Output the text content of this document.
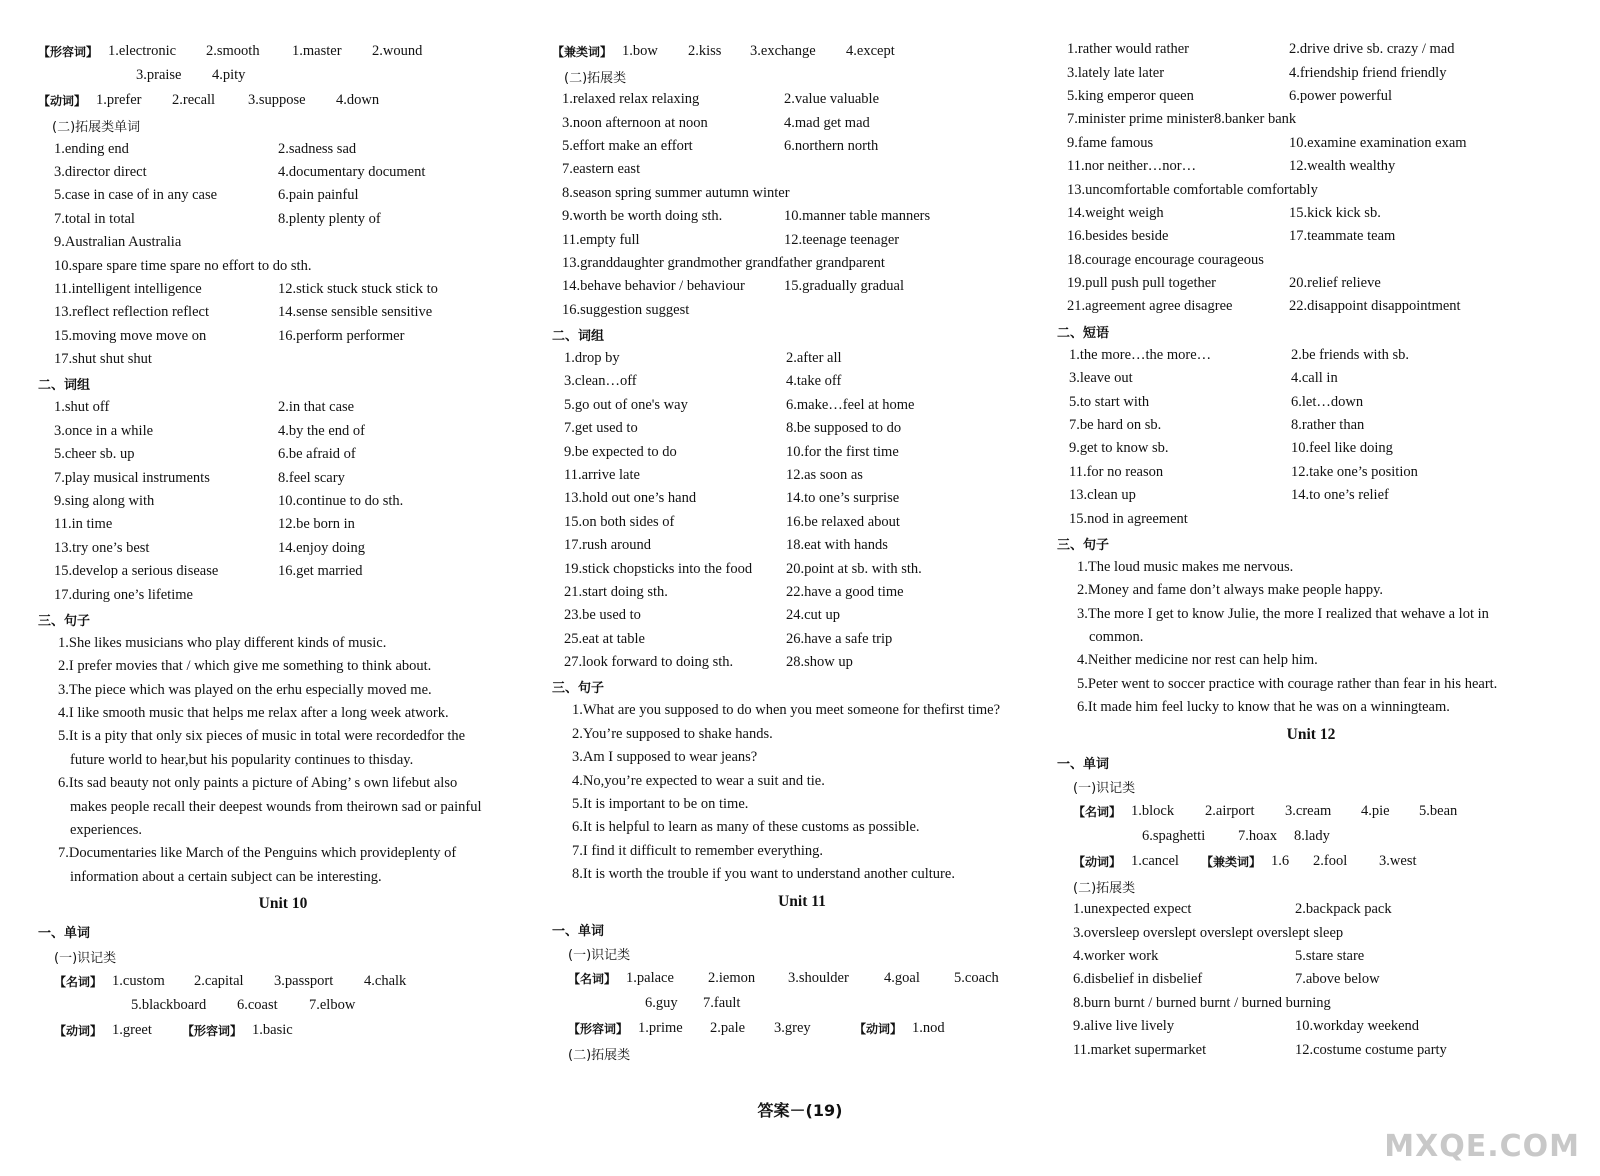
【形容词】 1.electronic	2.smooth	1.master	2.wound
3.praise	4.pity
【动词】 1.prefer	2.recall	3.suppose	4.down
(二)拓展类单词
1.ending end	2.sadness sad
3.director direct	4.documentary document
5.case in case of in any case	6.pain painful
7.total in total	8.plenty plenty of
9.Australian Australia
10.spare spare time spare no effort to do sth.
11.intelligent intelligence	12.stick stuck stuck stick to
13.reflect reflection reflect	14.sense sensible sensitive
15.moving move move on	16.perform performer
17.shut shut shut
二、词组
1.shut off	2.in that case
3.once in a while	4.by the end of
5.cheer sb. up	6.be afraid of
7.play musical instruments	8.feel scary
9.sing along with	10.continue to do sth.
11.in time	12.be born in
13.try one’s best	14.enjoy doing
15.develop a serious disease	16.get married
17.during one’s lifetime
三、句子
1.She likes musicians who play different kinds of music.
2.I prefer movies that / which give me something to think about.
3.The piece which was played on the erhu especially moved me.
4.I like smooth music that helps me relax after a long week atwork.
5.It is a pity that only six pieces of music in total were recordedfor the
future world to hear,but his popularity continues to thisday.
6.Its sad beauty not only paints a picture of Abing’ s own lifebut also
makes people recall their deepest wounds from theirown sad or painful
experiences.
7.Documentaries like March of the Penguins which provideplenty of
information about a certain subject can be interesting.
Unit 10
一、单词
(一)识记类
【名词】 1.custom	2.capital	3.passport	4.chalk
5.blackboard	6.coast	7.elbow
【动词】 1.greet	【形容词】 1.basic
【兼类词】 1.bow	2.kiss	3.exchange	4.except
(二)拓展类
1.relaxed relax relaxing	2.value valuable
3.noon afternoon at noon	4.mad get mad
5.effort make an effort	6.northern north
7.eastern east
8.season spring summer autumn winter
9.worth be worth doing sth.	10.manner table manners
11.empty full	12.teenage teenager
13.granddaughter grandmother grandfather grandparent
14.behave behavior / behaviour	15.gradually gradual
16.suggestion suggest
二、词组
1.drop by	2.after all
3.clean…off	4.take off
5.go out of one's way	6.make…feel at home
7.get used to	8.be supposed to do
9.be expected to do	10.for the first time
11.arrive late	12.as soon as
13.hold out one’s hand	14.to one’s surprise
15.on both sides of	16.be relaxed about
17.rush around	18.eat with hands
19.stick chopsticks into the food	20.point at sb. with sth.
21.start doing sth.	22.have a good time
23.be used to	24.cut up
25.eat at table	26.have a safe trip
27.look forward to doing sth.	28.show up
三、句子
1.What are you supposed to do when you meet someone for thefirst time?
2.You’re supposed to shake hands.
3.Am I supposed to wear jeans?
4.No,you’re expected to wear a suit and tie.
5.It is important to be on time.
6.It is helpful to learn as many of these customs as possible.
7.I find it difficult to remember everything.
8.It is worth the trouble if you want to understand another culture.
Unit 11
一、单词
(一)识记类
【名词】 1.palace	2.iemon	3.shoulder	4.goal	5.coach
6.guy	7.fault
【形容词】 1.prime	2.pale	3.grey	【动词】 1.nod
(二)拓展类
1.rather would rather	2.drive drive sb. crazy / mad
3.lately late later	4.friendship friend friendly
5.king emperor queen	6.power powerful
7.minister prime minister8.banker bank
9.fame famous	10.examine examination exam
11.nor neither…nor…	12.wealth wealthy
13.uncomfortable comfortable comfortably
14.weight weigh	15.kick kick sb.
16.besides beside	17.teammate team
18.courage encourage courageous
19.pull push pull together	20.relief relieve
21.agreement agree disagree	22.disappoint disappointment
二、短语
1.the more…the more…	2.be friends with sb.
3.leave out	4.call in
5.to start with	6.let…down
7.be hard on sb.	8.rather than
9.get to know sb.	10.feel like doing
11.for no reason	12.take one’s position
13.clean up	14.to one’s relief
15.nod in agreement
三、句子
1.The loud music makes me nervous.
2.Money and fame don’t always make people happy.
3.The more I get to know Julie, the more I realized that wehave a lot in
common.
4.Neither medicine nor rest can help him.
5.Peter went to soccer practice with courage rather than fear in his heart.
6.It made him feel lucky to know that he was on a winningteam.
Unit 12
一、单词
(一)识记类
【名词】 1.block	2.airport	3.cream	4.pie	5.bean
6.spaghetti	7.hoax	8.lady
【动词】 1.cancel	【兼类词】 1.6	2.fool	3.west
(二)拓展类
1.unexpected expect	2.backpack pack
3.oversleep overslept overslept overslept sleep
4.worker work	5.stare stare
6.disbelief in disbelief	7.above below
8.burn burnt / burned burnt / burned burning
9.alive live lively	10.workday weekend
11.market supermarket	12.costume costume party
答案－(19)
MXQE.COM
